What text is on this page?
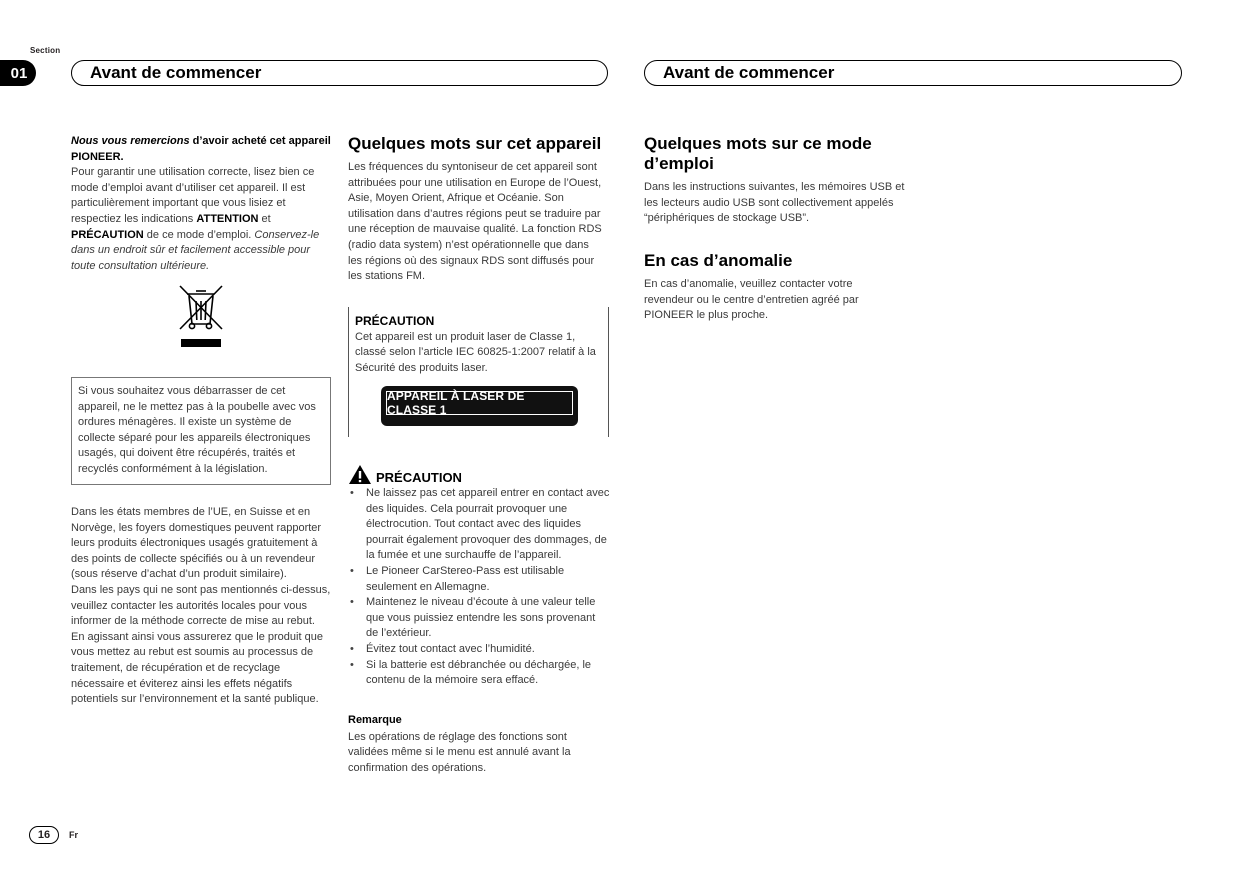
Section
01	Avant de commencer	Avant de commencer

Nous vous remercions d’avoir acheté cet appareil PIONEER.
Pour garantir une utilisation correcte, lisez bien ce mode d’emploi avant d’utiliser cet appareil. Il est particulièrement important que vous lisiez et respectiez les indications ATTENTION et PRÉCAUTION de ce mode d’emploi. Conservez-le dans un endroit sûr et facilement accessible pour toute consultation ultérieure.

Si vous souhaitez vous débarrasser de cet appareil, ne le mettez pas à la poubelle avec vos ordures ménagères. Il existe un système de collecte séparé pour les appareils électroniques usagés, qui doivent être récupérés, traités et recyclés conformément à la législation.

Dans les états membres de l’UE, en Suisse et en Norvège, les foyers domestiques peuvent rapporter leurs produits électroniques usagés gratuitement à des points de collecte spécifiés ou à un revendeur (sous réserve d’achat d’un produit similaire).

Dans les pays qui ne sont pas mentionnés ci-dessus, veuillez contacter les autorités locales pour vous informer de la méthode correcte de mise au rebut.

En agissant ainsi vous assurerez que le produit que vous mettez au rebut est soumis au processus de traitement, de récupération et de recyclage nécessaire et éviterez ainsi les effets négatifs potentiels sur l’environnement et la santé publique.

Quelques mots sur cet appareil

Les fréquences du syntoniseur de cet appareil sont attribuées pour une utilisation en Europe de l’Ouest, Asie, Moyen Orient, Afrique et Océanie. Son utilisation dans d’autres régions peut se traduire par une réception de mauvaise qualité. La fonction RDS (radio data system) n’est opérationnelle que dans les régions où des signaux RDS sont diffusés pour les stations FM.

PRÉCAUTION

Cet appareil est un produit laser de Classe 1, classé selon l’article IEC 60825-1:2007 relatif à la Sécurité des produits laser.

APPAREIL À LASER DE CLASSE 1
PRÉCAUTION
• Ne laissez pas cet appareil entrer en contact avec des liquides. Cela pourrait provoquer une électrocution. Tout contact avec des liquides pourrait également provoquer des dommages, de la fumée et une surchauffe de l’appareil.
• Le Pioneer CarStereo-Pass est utilisable seulement en Allemagne.
• Maintenez le niveau d’écoute à une valeur telle que vous puissiez entendre les sons provenant de l’extérieur.
• Évitez tout contact avec l’humidité.
• Si la batterie est débranchée ou déchargée, le contenu de la mémoire sera effacé.

Remarque

Les opérations de réglage des fonctions sont validées même si le menu est annulé avant la confirmation des opérations.

Quelques mots sur ce mode d’emploi

Dans les instructions suivantes, les mémoires USB et les lecteurs audio USB sont collectivement appelés “périphériques de stockage USB”.

En cas d’anomalie

En cas d’anomalie, veuillez contacter votre revendeur ou le centre d’entretien agréé par PIONEER le plus proche.

16	Fr
